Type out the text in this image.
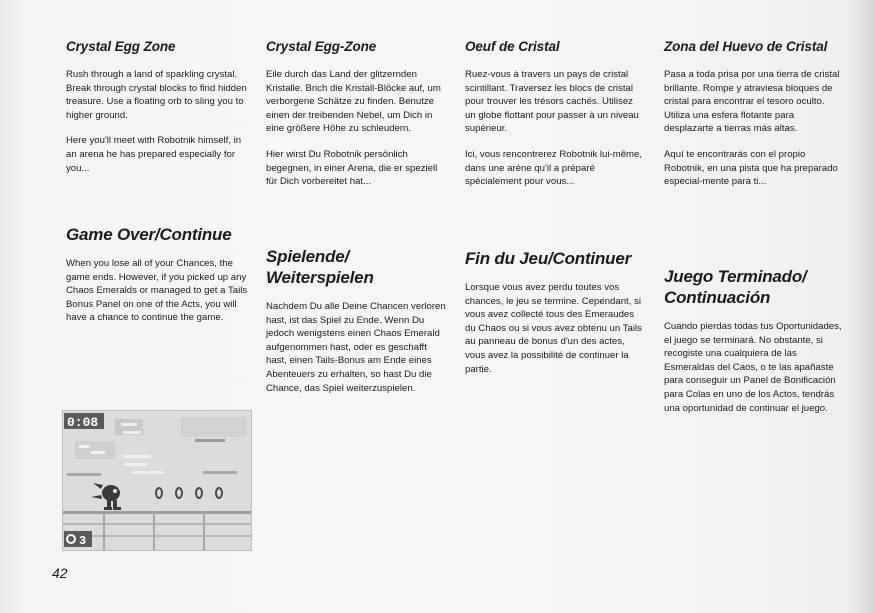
Crystal Egg Zone

Rush through a land of sparkling crystal. Break through crystal blocks to find hidden treasure. Use a floating orb to sling you to higher ground.

Here you'll meet with Robotnik himself, in an arena he has prepared especially for you...

Game Over/Continue

When you lose all of your Chances, the game ends. However, if you picked up any Chaos Emeralds or managed to get a Tails Bonus Panel on one of the Acts, you will have a chance to continue the game.

Crystal Egg-Zone

Eile durch das Land der glitzernden Kristalle. Brich die Kristall-Blöcke auf, um verborgene Schätze zu finden. Benutze einen der treibenden Nebel, um Dich in eine größere Höhe zu schleudern.

Hier wirst Du Robotnik persönlich begegnen, in einer Arena, die er speziell für Dich vorbereitet hat...

Spielende/ Weiterspielen

Nachdem Du alle Deine Chancen verloren hast, ist das Spiel zu Ende. Wenn Du jedoch wenigstens einen Chaos Emerald aufgenommen hast, oder es geschafft hast, einen Tails-Bonus am Ende eines Abenteuers zu erhalten, so hast Du die Chance, das Spiel weiterzuspielen.

Oeuf de Cristal

Ruez-vous à travers un pays de cristal scintillant. Traversez les blocs de cristal pour trouver les trésors cachés. Utilisez un globe flottant pour passer à un niveau supérieur.

Ici, vous rencontrerez Robotnik lui-même, dans une arène qu'il a préparé spécialement pour vous...

Fin du Jeu/Continuer

Lorsque vous avez perdu toutes vos chances, le jeu se termine. Cependant, si vous avez collecté tous des Emeraudes du Chaos ou si vous avez obtenu un Tails au panneau de bonus d'un des actes, vous avez la possibilité de continuer la partie.

Zona del Huevo de Cristal

Pasa a toda prisa por una tierra de cristal brillante. Rompe y atraviesa bloques de cristal para encontrar el tesoro oculto. Utiliza una esfera flotante para desplazarte a tierras más altas.

Aquí te encontrarás con el propio Robotnik, en una pista que ha preparado especial-mente para ti...

Juego Terminado/ Continuación

Cuando pierdas todas tus Oportunidades, el juego se terminará. No obstante, si recogiste una cualquiera de las Esmeraldas del Caos, o te las apañaste para conseguir un Panel de Bonificación para Colas en uno de los Actos, tendrás una oportunidad de continuar el juego.

0:08
3
42
